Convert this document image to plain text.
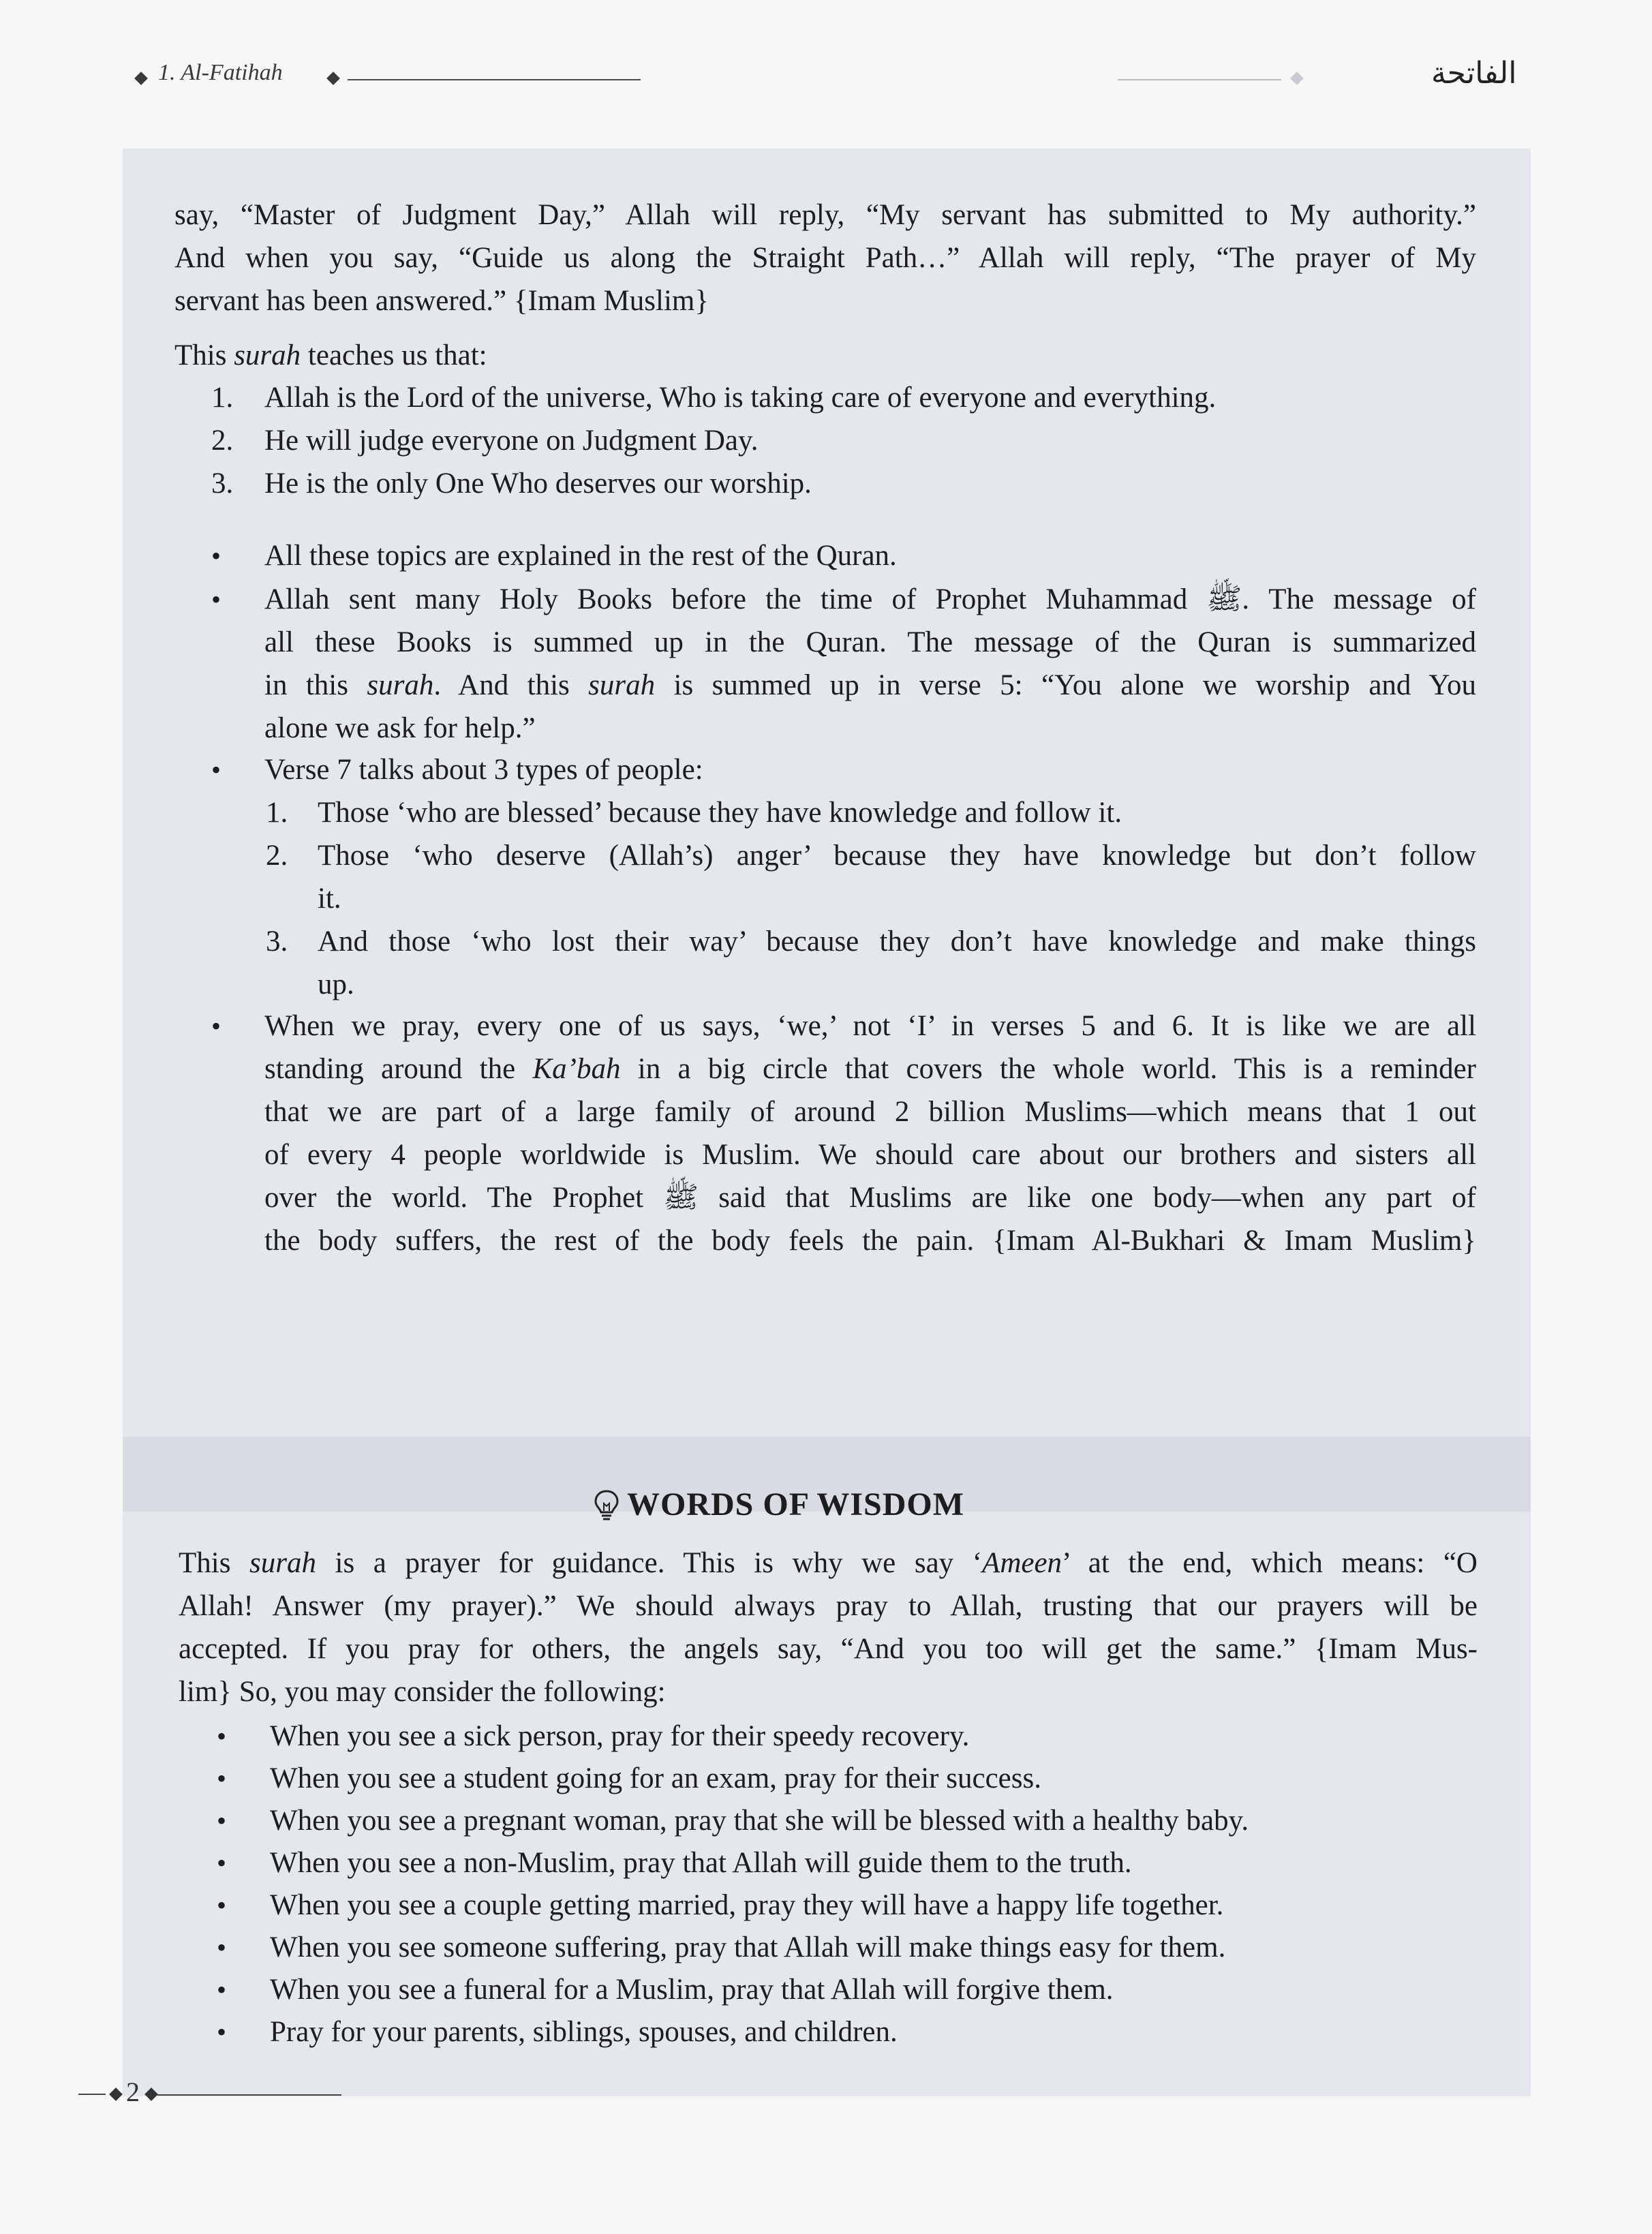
1. Al-Fatihah	الفاتحة
say, “Master of Judgment Day,” Allah will reply, “My servant has submitted to My authority.”
And when you say, “Guide us along the Straight Path…” Allah will reply, “The prayer of My
servant has been answered.” {Imam Muslim}
This surah teaches us that:
1. Allah is the Lord of the universe, Who is taking care of everyone and everything.
2. He will judge everyone on Judgment Day.
3. He is the only One Who deserves our worship.
• All these topics are explained in the rest of the Quran.
• Allah sent many Holy Books before the time of Prophet Muhammad ﷺ. The message of
all these Books is summed up in the Quran. The message of the Quran is summarized
in this surah. And this surah is summed up in verse 5: “You alone we worship and You
alone we ask for help.”
• Verse 7 talks about 3 types of people:
1. Those ‘who are blessed’ because they have knowledge and follow it.
2. Those ‘who deserve (Allah’s) anger’ because they have knowledge but don’t follow
it.
3. And those ‘who lost their way’ because they don’t have knowledge and make things
up.
• When we pray, every one of us says, ‘we,’ not ‘I’ in verses 5 and 6. It is like we are all
standing around the Ka’bah in a big circle that covers the whole world. This is a reminder
that we are part of a large family of around 2 billion Muslims—which means that 1 out
of every 4 people worldwide is Muslim. We should care about our brothers and sisters all
over the world. The Prophet ﷺ said that Muslims are like one body—when any part of
the body suffers, the rest of the body feels the pain. {Imam Al-Bukhari & Imam Muslim}
WORDS OF WISDOM
This surah is a prayer for guidance. This is why we say ‘Ameen’ at the end, which means: “O
Allah! Answer (my prayer).” We should always pray to Allah, trusting that our prayers will be
accepted. If you pray for others, the angels say, “And you too will get the same.” {Imam Mus-
lim} So, you may consider the following:
• When you see a sick person, pray for their speedy recovery.
• When you see a student going for an exam, pray for their success.
• When you see a pregnant woman, pray that she will be blessed with a healthy baby.
• When you see a non-Muslim, pray that Allah will guide them to the truth.
• When you see a couple getting married, pray they will have a happy life together.
• When you see someone suffering, pray that Allah will make things easy for them.
• When you see a funeral for a Muslim, pray that Allah will forgive them.
• Pray for your parents, siblings, spouses, and children.
2
